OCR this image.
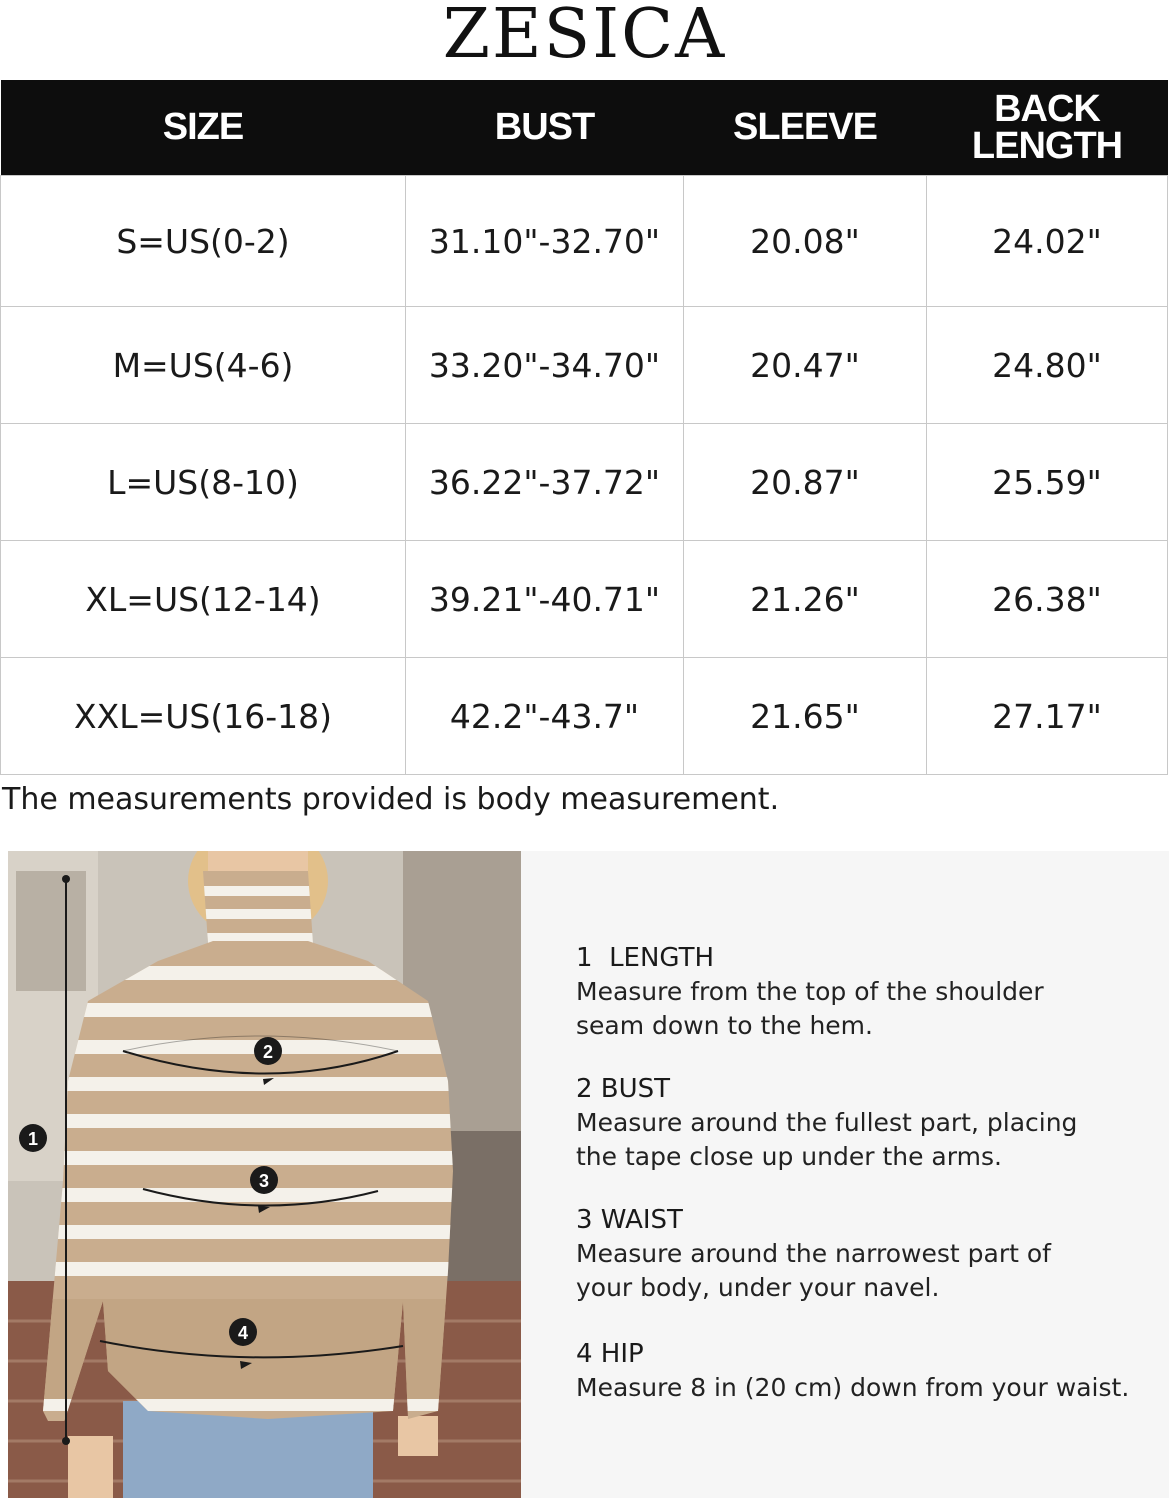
ZESICA
SIZE	BUST	SLEEVE	BACK
LENGTH
S=US(0-2)	31.10"-32.70"	20.08"	24.02"
M=US(4-6)	33.20"-34.70"	20.47"	24.80"
L=US(8-10)	36.22"-37.72"	20.87"	25.59"
XL=US(12-14)	39.21"-40.71"	21.26"	26.38"
XXL=US(16-18)	42.2"-43.7"	21.65"	27.17"
The measurements provided is body measurement.
1
2
3
4
1  LENGTH
Measure from the top of the shoulder
seam down to the hem.
2 BUST
Measure around the fullest part, placing
the tape close up under the arms.
3 WAIST
Measure around the narrowest part of
your body, under your navel.
4 HIP
Measure 8 in (20 cm) down from your waist.
